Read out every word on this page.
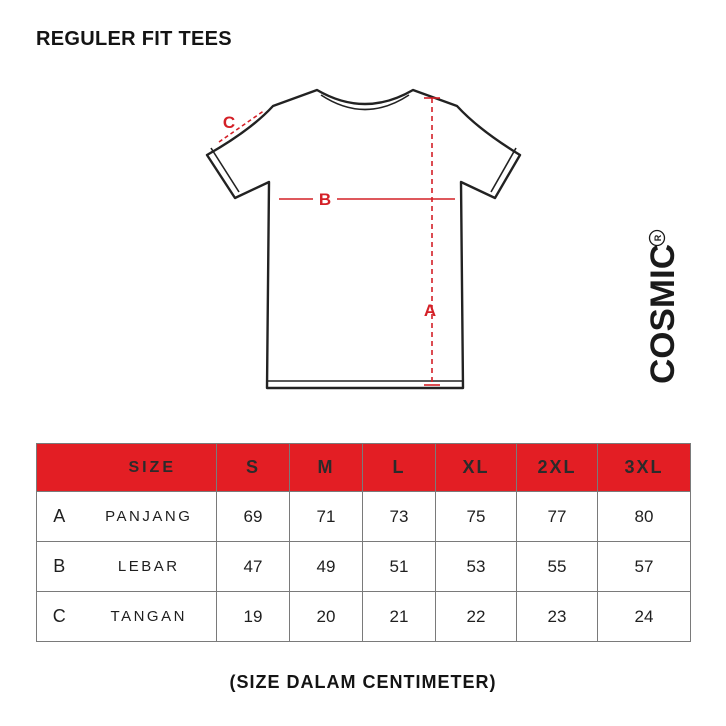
REGULER FIT TEES
A
B
C
COSMIC
R
	SIZE	S	M	L	XL	2XL	3XL
A	PANJANG	69	71	73	75	77	80
B	LEBAR	47	49	51	53	55	57
C	TANGAN	19	20	21	22	23	24
(SIZE DALAM CENTIMETER)
